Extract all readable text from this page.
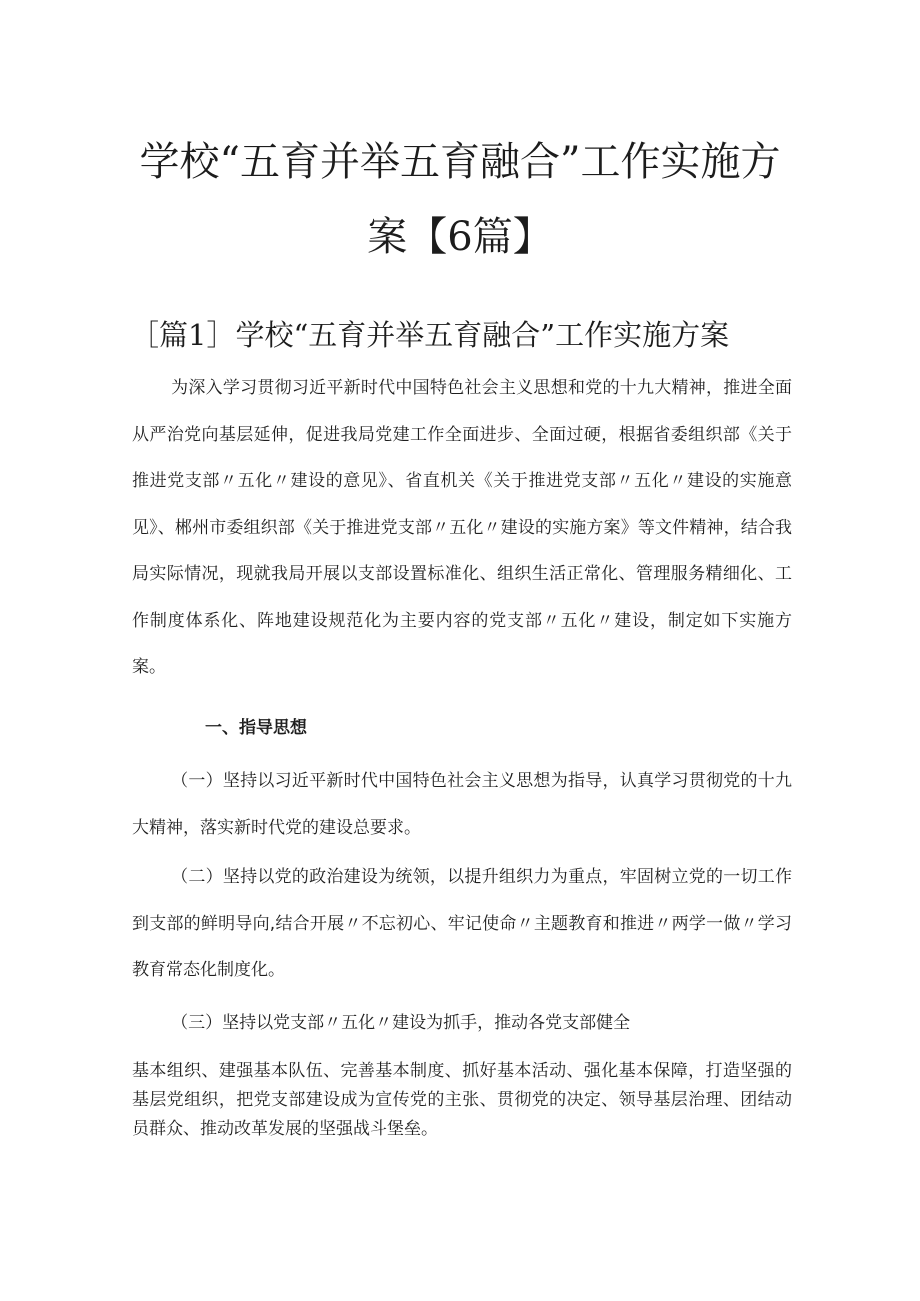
学校“五育并举五育融合”工作实施方
案【6篇】
［篇1］学校“五育并举五育融合”工作实施方案
为深入学习贯彻习近平新时代中国特色社会主义思想和党的十九大精神，推进全面从严治党向基层延伸，促进我局党建工作全面进步、全面过硬，根据省委组织部《关于推进党支部〃五化〃建设的意见》、省直机关《关于推进党支部〃五化〃建设的实施意见》、郴州市委组织部《关于推进党支部〃五化〃建设的实施方案》等文件精神，结合我局实际情况，现就我局开展以支部设置标准化、组织生活正常化、管理服务精细化、工作制度体系化、阵地建设规范化为主要内容的党支部〃五化〃建设，制定如下实施方案。
一、指导思想
（一）坚持以习近平新时代中国特色社会主义思想为指导，认真学习贯彻党的十九大精神，落实新时代党的建设总要求。
（二）坚持以党的政治建设为统领，以提升组织力为重点，牢固树立党的一切工作到支部的鲜明导向,结合开展〃不忘初心、牢记使命〃主题教育和推进〃两学一做〃学习教育常态化制度化。
（三）坚持以党支部〃五化〃建设为抓手，推动各党支部健全
基本组织、建强基本队伍、完善基本制度、抓好基本活动、强化基本保障，打造坚强的基层党组织，把党支部建设成为宣传党的主张、贯彻党的决定、领导基层治理、团结动员群众、推动改革发展的坚强战斗堡垒。
